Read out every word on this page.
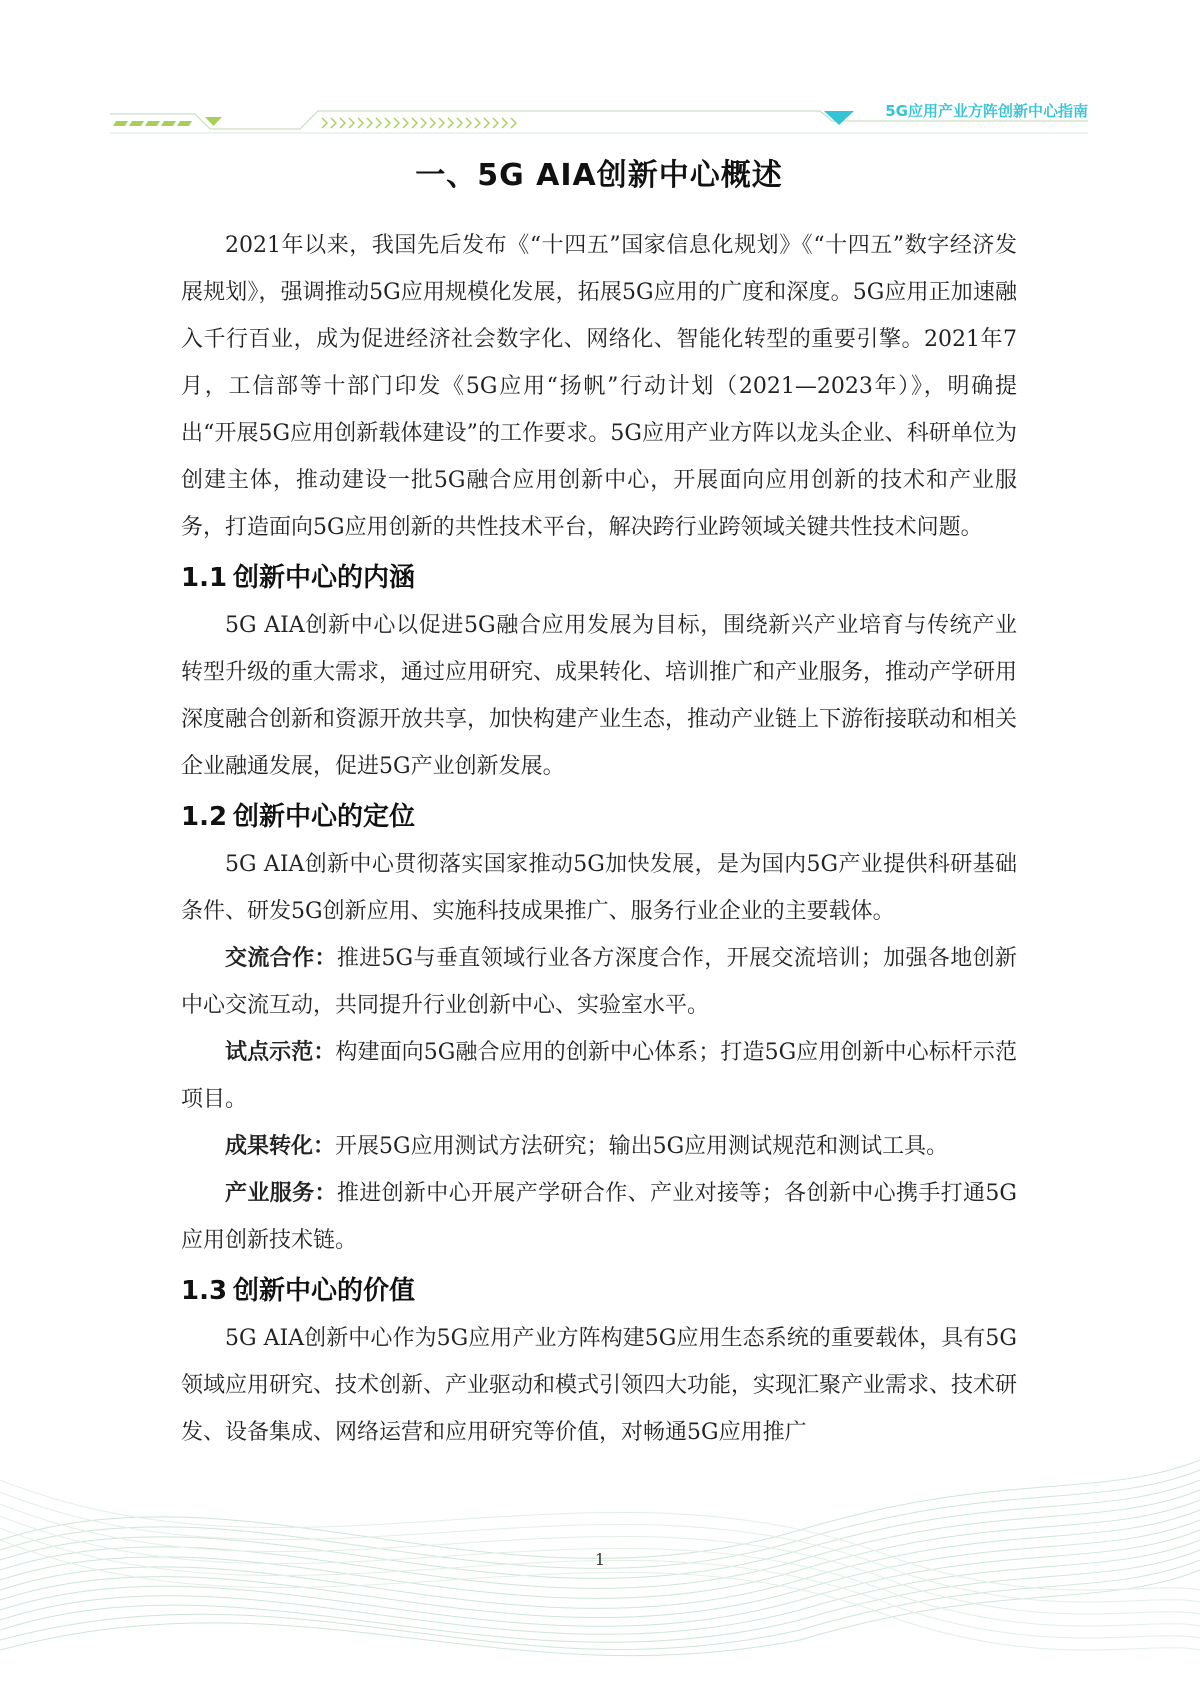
5G应用产业方阵创新中心指南
一、5G AIA创新中心概述

2021年以来，我国先后发布《“十四五”国家信息化规划》《“十四五”数字经济发展规划》，强调推动5G应用规模化发展，拓展5G应用的广度和深度。5G应用正加速融入千行百业，成为促进经济社会数字化、网络化、智能化转型的重要引擎。2021年7月，工信部等十部门印发《5G应用“扬帆”行动计划（2021—2023年）》，明确提出“开展5G应用创新载体建设”的工作要求。5G应用产业方阵以龙头企业、科研单位为创建主体，推动建设一批5G融合应用创新中心，开展面向应用创新的技术和产业服务，打造面向5G应用创新的共性技术平台，解决跨行业跨领域关键共性技术问题。

1.1 创新中心的内涵

5G AIA创新中心以促进5G融合应用发展为目标，围绕新兴产业培育与传统产业转型升级的重大需求，通过应用研究、成果转化、培训推广和产业服务，推动产学研用深度融合创新和资源开放共享，加快构建产业生态，推动产业链上下游衔接联动和相关企业融通发展，促进5G产业创新发展。

1.2 创新中心的定位

5G AIA创新中心贯彻落实国家推动5G加快发展，是为国内5G产业提供科研基础条件、研发5G创新应用、实施科技成果推广、服务行业企业的主要载体。

交流合作：推进5G与垂直领域行业各方深度合作，开展交流培训；加强各地创新中心交流互动，共同提升行业创新中心、实验室水平。

试点示范：构建面向5G融合应用的创新中心体系；打造5G应用创新中心标杆示范项目。

成果转化：开展5G应用测试方法研究；输出5G应用测试规范和测试工具。

产业服务：推进创新中心开展产学研合作、产业对接等；各创新中心携手打通5G应用创新技术链。

1.3 创新中心的价值

5G AIA创新中心作为5G应用产业方阵构建5G应用生态系统的重要载体，具有5G领域应用研究、技术创新、产业驱动和模式引领四大功能，实现汇聚产业需求、技术研发、设备集成、网络运营和应用研究等价值，对畅通5G应用推广

1
